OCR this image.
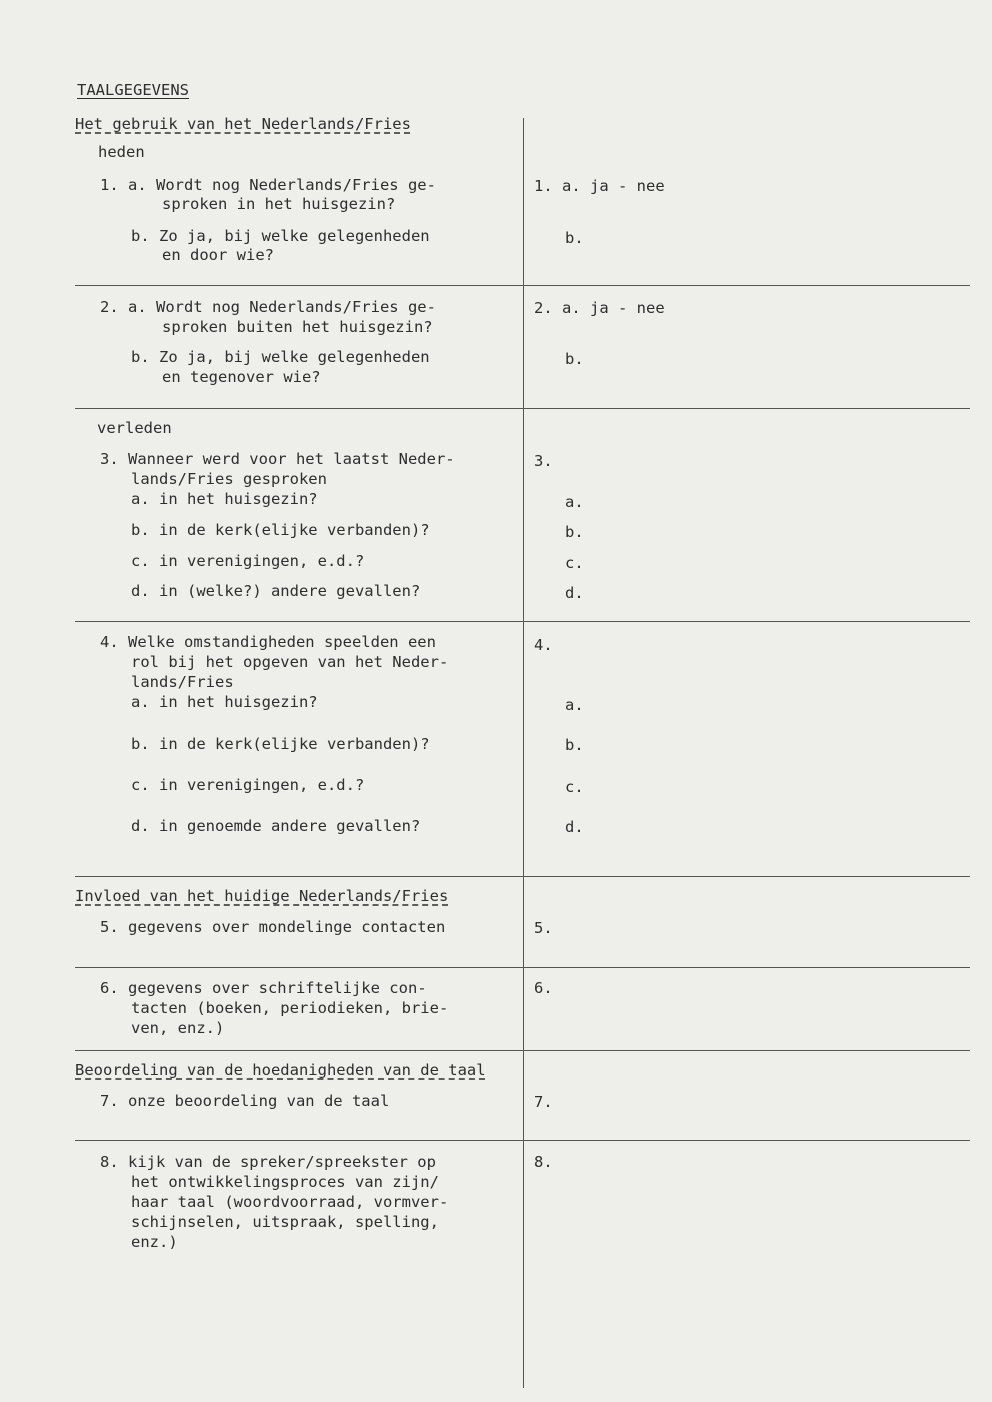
TAALGEGEVENS
Het gebruik van het Nederlands/Fries
heden
1. a. Wordt nog Nederlands/Fries ge-
sprоken in het huisgezin?
b. Zo ja, bij welke gelegenheden
en door wie?
1. a. ja - nee
b.
2. a. Wordt nog Nederlands/Fries ge-
sproken buiten het huisgezin?
b. Zo ja, bij welke gelegenheden
en tegenover wie?
2. a. ja - nee
b.
verleden
3. Wanneer werd voor het laatst Neder-
lands/Fries gesproken
a. in het huisgezin?
b. in de kerk(elijke verbanden)?
c. in verenigingen, e.d.?
d. in (welke?) andere gevallen?
3.
a.
b.
c.
d.
4. Welke omstandigheden speelden een
rol bij het opgeven van het Neder-
lands/Fries
a. in het huisgezin?
b. in de kerk(elijke verbanden)?
c. in verenigingen, e.d.?
d. in genoemde andere gevallen?
4.
a.
b.
c.
d.
Invloed van het huidige Nederlands/Fries
5. gegevens over mondelinge contacten	5.
6. gegevens over schriftelijke con-
tacten (boeken, periodieken, brie-
ven, enz.)
6.
Beoordeling van de hoedanigheden van de taal
7. onze beoordeling van de taal	7.
8. kijk van de spreker/spreekster op
het ontwikkelingsproces van zijn/
haar taal (woordvoorraad, vormver-
schijnselen, uitspraak, spelling,
enz.)
8.
